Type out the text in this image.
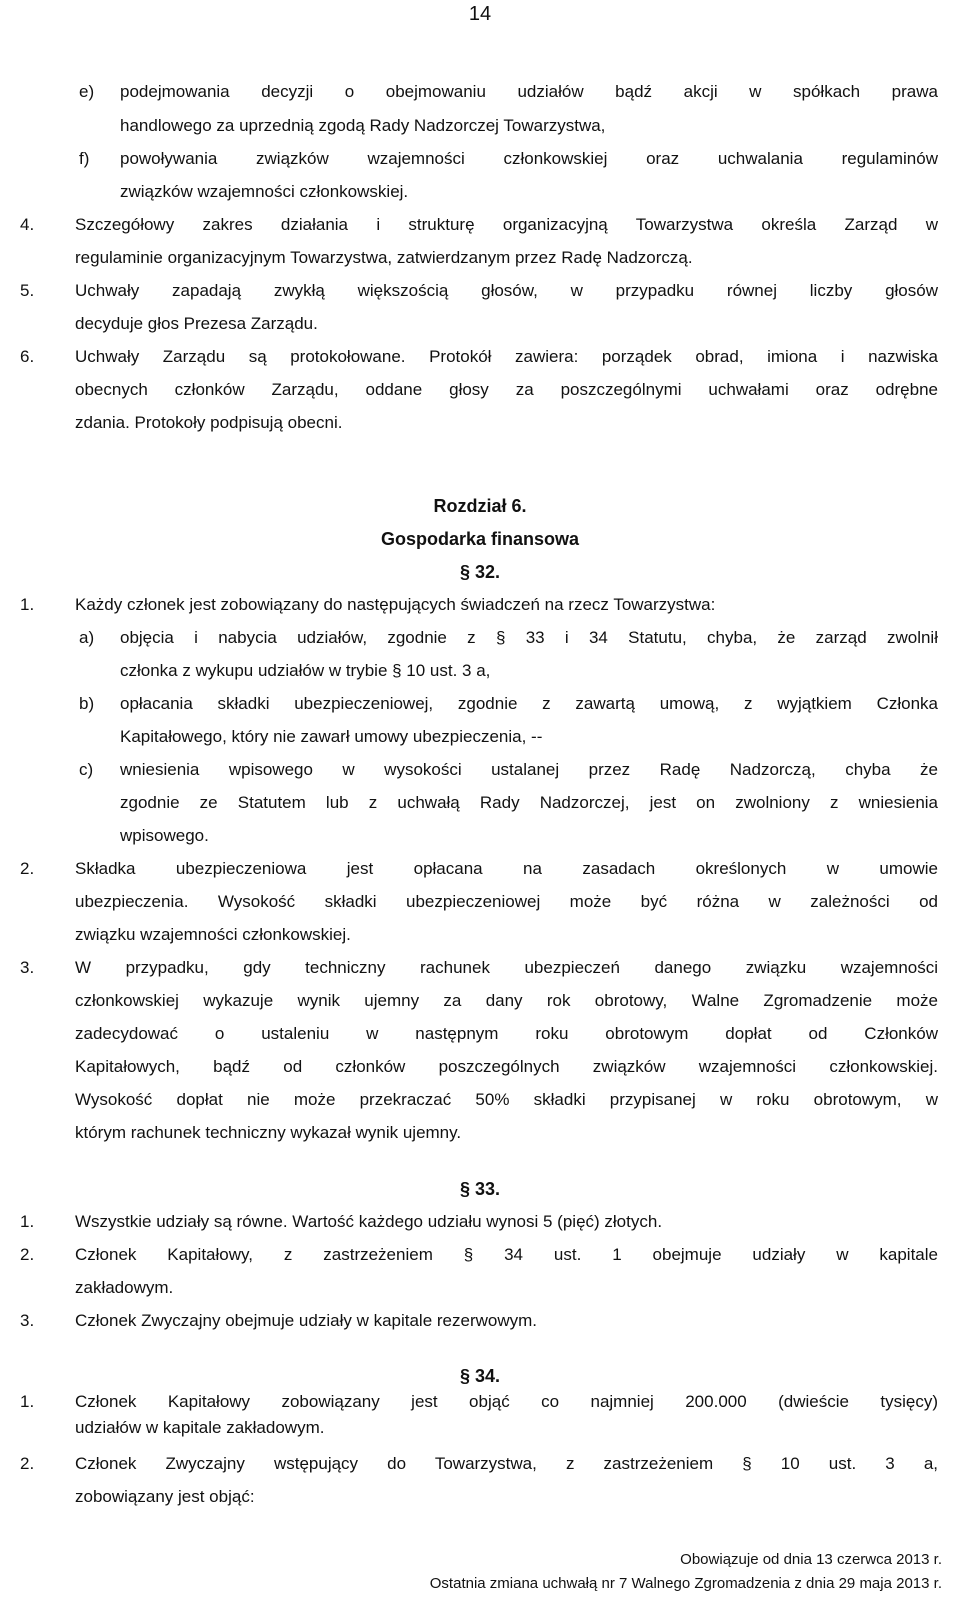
14
e) podejmowania decyzji o obejmowaniu udziałów bądź akcji w spółkach prawa
handlowego za uprzednią zgodą Rady Nadzorczej Towarzystwa,
f) powoływania związków wzajemności członkowskiej oraz uchwalania regulaminów
związków wzajemności członkowskiej.
4. Szczegółowy zakres działania i strukturę organizacyjną Towarzystwa określa Zarząd w
regulaminie organizacyjnym Towarzystwa, zatwierdzanym przez Radę Nadzorczą.
5. Uchwały zapadają zwykłą większością głosów, w przypadku równej liczby głosów
decyduje głos Prezesa Zarządu.
6. Uchwały Zarządu są protokołowane. Protokół zawiera: porządek obrad, imiona i nazwiska
obecnych członków Zarządu, oddane głosy za poszczególnymi uchwałami oraz odrębne
zdania. Protokoły podpisują obecni.
Rozdział 6.
Gospodarka finansowa
§ 32.
1. Każdy członek jest zobowiązany do następujących świadczeń na rzecz Towarzystwa:
a) objęcia i nabycia udziałów, zgodnie z § 33 i 34 Statutu, chyba, że zarząd zwolnił
członka z wykupu udziałów w trybie § 10 ust. 3 a,
b) opłacania składki ubezpieczeniowej, zgodnie z zawartą umową, z wyjątkiem Członka
Kapitałowego, który nie zawarł umowy ubezpieczenia, --
c) wniesienia wpisowego w wysokości ustalanej przez Radę Nadzorczą, chyba że
zgodnie ze Statutem lub z uchwałą Rady Nadzorczej, jest on zwolniony z wniesienia
wpisowego.
2. Składka ubezpieczeniowa jest opłacana na zasadach określonych w umowie
ubezpieczenia. Wysokość składki ubezpieczeniowej może być różna w zależności od
związku wzajemności członkowskiej.
3. W przypadku, gdy techniczny rachunek ubezpieczeń danego związku wzajemności
członkowskiej wykazuje wynik ujemny za dany rok obrotowy, Walne Zgromadzenie może
zadecydować o ustaleniu w następnym roku obrotowym dopłat od Członków
Kapitałowych, bądź od członków poszczególnych związków wzajemności członkowskiej.
Wysokość dopłat nie może przekraczać 50% składki przypisanej w roku obrotowym, w
którym rachunek techniczny wykazał wynik ujemny.
§ 33.
1. Wszystkie udziały są równe. Wartość każdego udziału wynosi 5 (pięć) złotych.
2. Członek Kapitałowy, z zastrzeżeniem § 34 ust. 1 obejmuje udziały w kapitale
zakładowym.
3. Członek Zwyczajny obejmuje udziały w kapitale rezerwowym.
§ 34.
1. Członek Kapitałowy zobowiązany jest objąć co najmniej 200.000 (dwieście tysięcy)
udziałów w kapitale zakładowym.
2. Członek Zwyczajny wstępujący do Towarzystwa, z zastrzeżeniem § 10 ust. 3 a,
zobowiązany jest objąć:
Obowiązuje od dnia 13 czerwca 2013 r.
Ostatnia zmiana uchwałą nr 7 Walnego Zgromadzenia z dnia 29 maja 2013 r.
